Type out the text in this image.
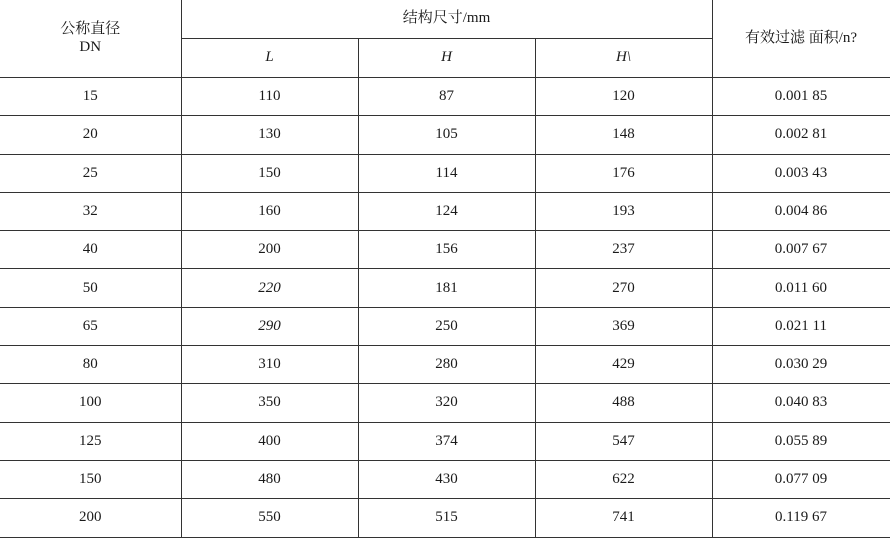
公称直径
DN	结构尺寸/mm			有效过滤 面积/n?
	L	H	H\	
15	110	87	120	0.001 85
20	130	105	148	0.002 81
25	150	114	176	0.003 43
32	160	124	193	0.004 86
40	200	156	237	0.007 67
50	220	181	270	0.011 60
65	290	250	369	0.021 11
80	310	280	429	0.030 29
100	350	320	488	0.040 83
125	400	374	547	0.055 89
150	480	430	622	0.077 09
200	550	515	741	0.119 67
